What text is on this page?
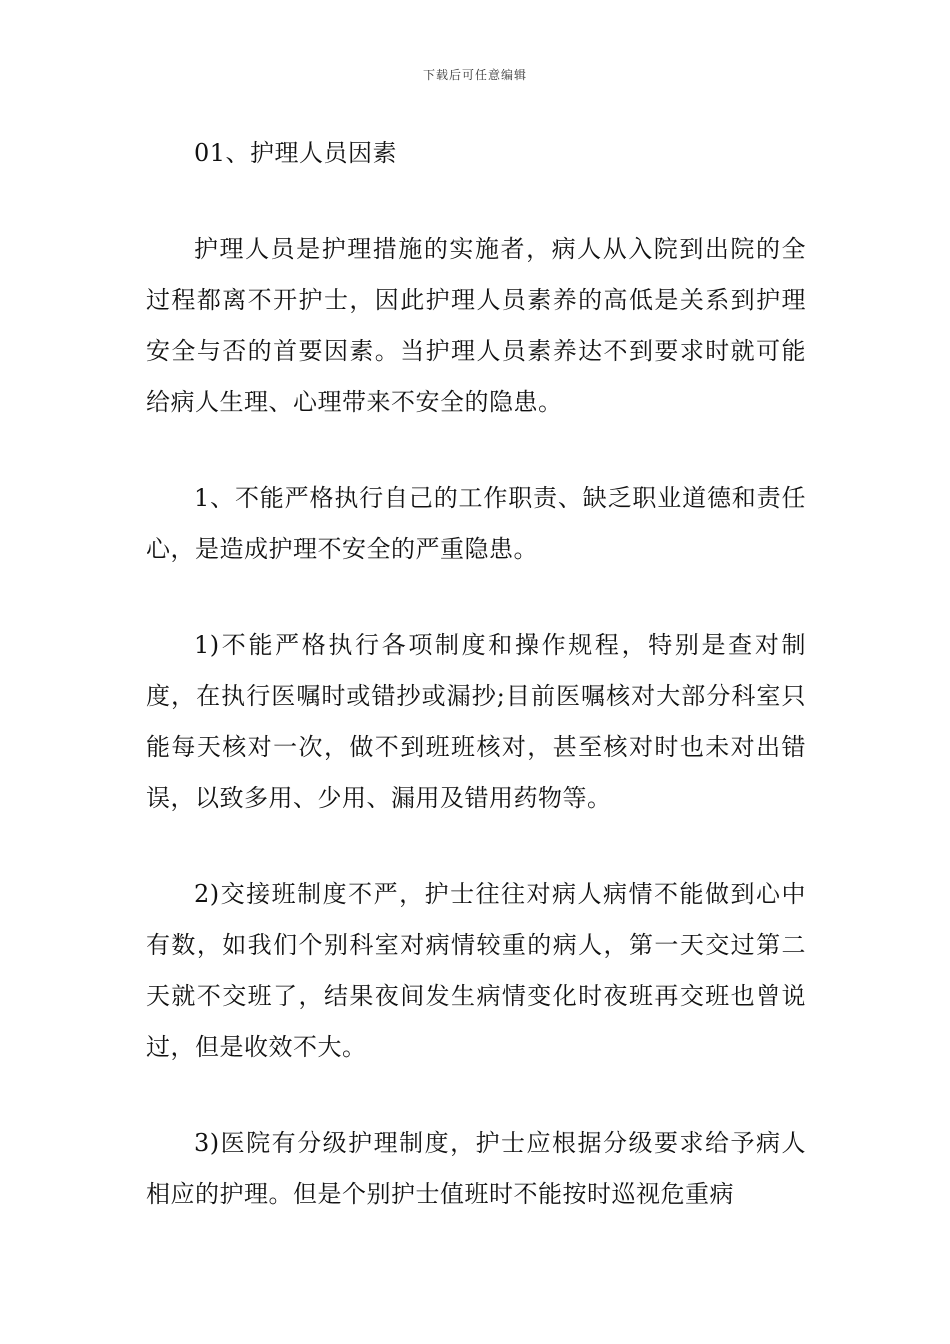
下载后可任意编辑

01、护理人员因素

护理人员是护理措施的实施者，病人从入院到出院的全过程都离不开护士，因此护理人员素养的高低是关系到护理安全与否的首要因素。当护理人员素养达不到要求时就可能给病人生理、心理带来不安全的隐患。

1、不能严格执行自己的工作职责、缺乏职业道德和责任心，是造成护理不安全的严重隐患。

1)不能严格执行各项制度和操作规程，特别是查对制度，在执行医嘱时或错抄或漏抄;目前医嘱核对大部分科室只能每天核对一次，做不到班班核对，甚至核对时也未对出错误，以致多用、少用、漏用及错用药物等。

2)交接班制度不严，护士往往对病人病情不能做到心中有数，如我们个别科室对病情较重的病人，第一天交过第二天就不交班了，结果夜间发生病情变化时夜班再交班也曾说过，但是收效不大。

3)医院有分级护理制度，护士应根据分级要求给予病人相应的护理。但是个别护士值班时不能按时巡视危重病
